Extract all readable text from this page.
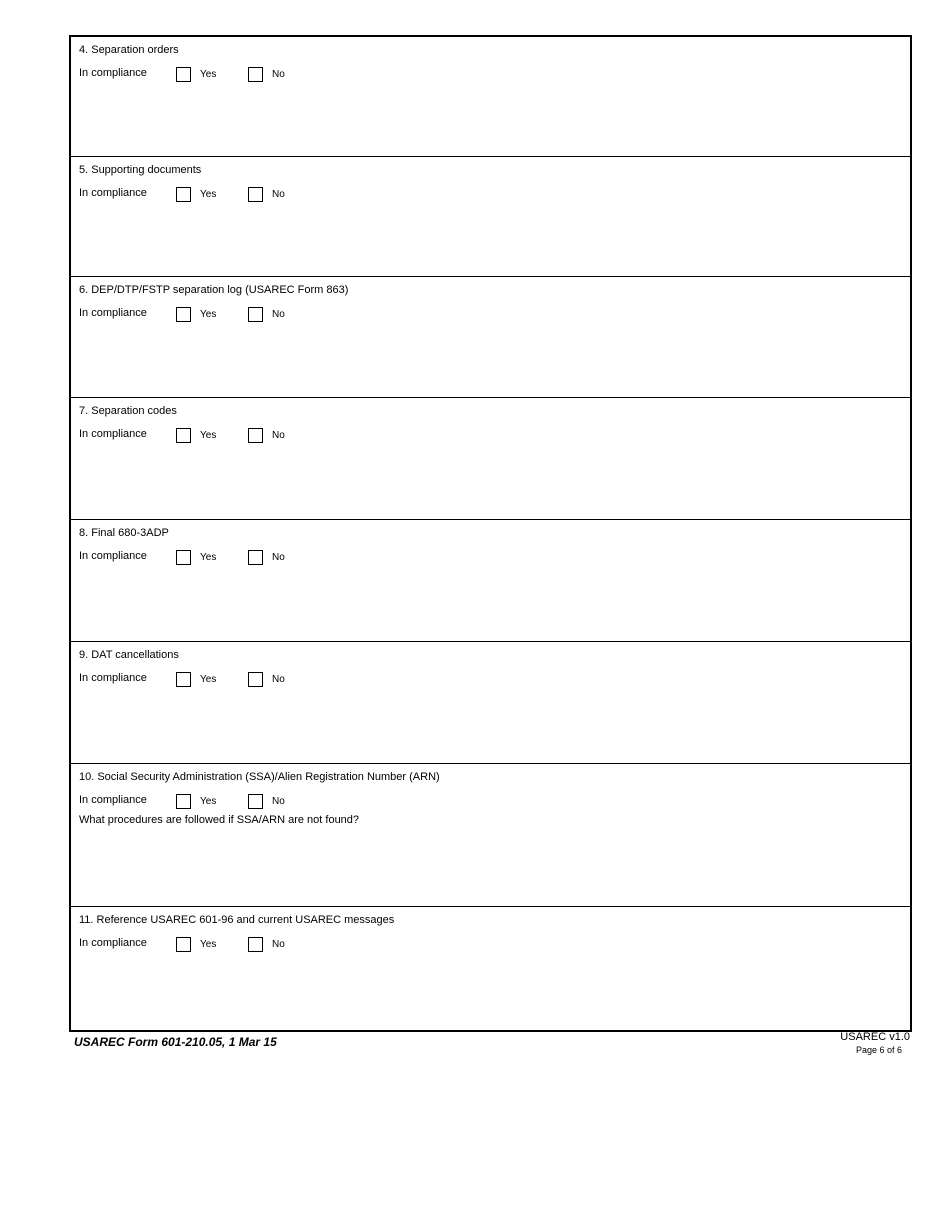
4. Separation orders
In compliance	Yes	No
5. Supporting documents
In compliance	Yes	No
6. DEP/DTP/FSTP separation log (USAREC Form 863)
In compliance	Yes	No
7. Separation codes
In compliance	Yes	No
8. Final 680-3ADP
In compliance	Yes	No
9. DAT cancellations
In compliance	Yes	No
10. Social Security Administration (SSA)/Alien Registration Number (ARN)
In compliance	Yes	No
What procedures are followed if SSA/ARN are not found?
11. Reference USAREC 601-96 and current USAREC messages
In compliance	Yes	No
USAREC Form 601-210.05, 1 Mar 15	USAREC v1.0
Page 6 of 6
